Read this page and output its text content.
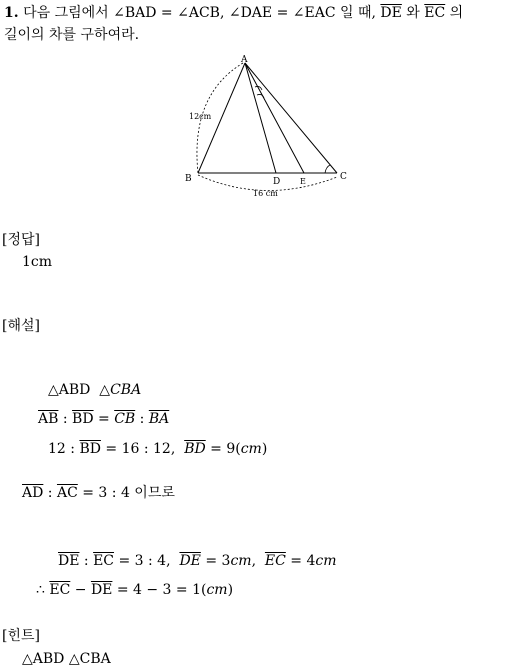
1. 다음 그림에서 ∠BAD = ∠ACB, ∠DAE = ∠EAC 일 때, $\overline{DE}$ 와 $\overline{EC}$ 의
길이의 차를 구하여라.
A
B	C
D E
12cm
16 cm
[정답]
1cm
[해설]
△ABD △CBA
$\overline{AB}$ : $\overline{BD} = \overline{CB}$ : $\overline{BA}$
12 : $\overline{BD} = 16$ : 12,  $\overline{BD} = 9(cm)$
$\overline{AD}$ : $\overline{AC} = 3$ : 4 이므로
$\overline{DE}$ : $\overline{EC} = 3$ : 4,  $\overline{DE} = 3cm$,  $\overline{EC} = 4cm$
∴ $\overline{EC} - \overline{DE} = 4 - 3 = 1(cm)$
[힌트]
△ABD △CBA
